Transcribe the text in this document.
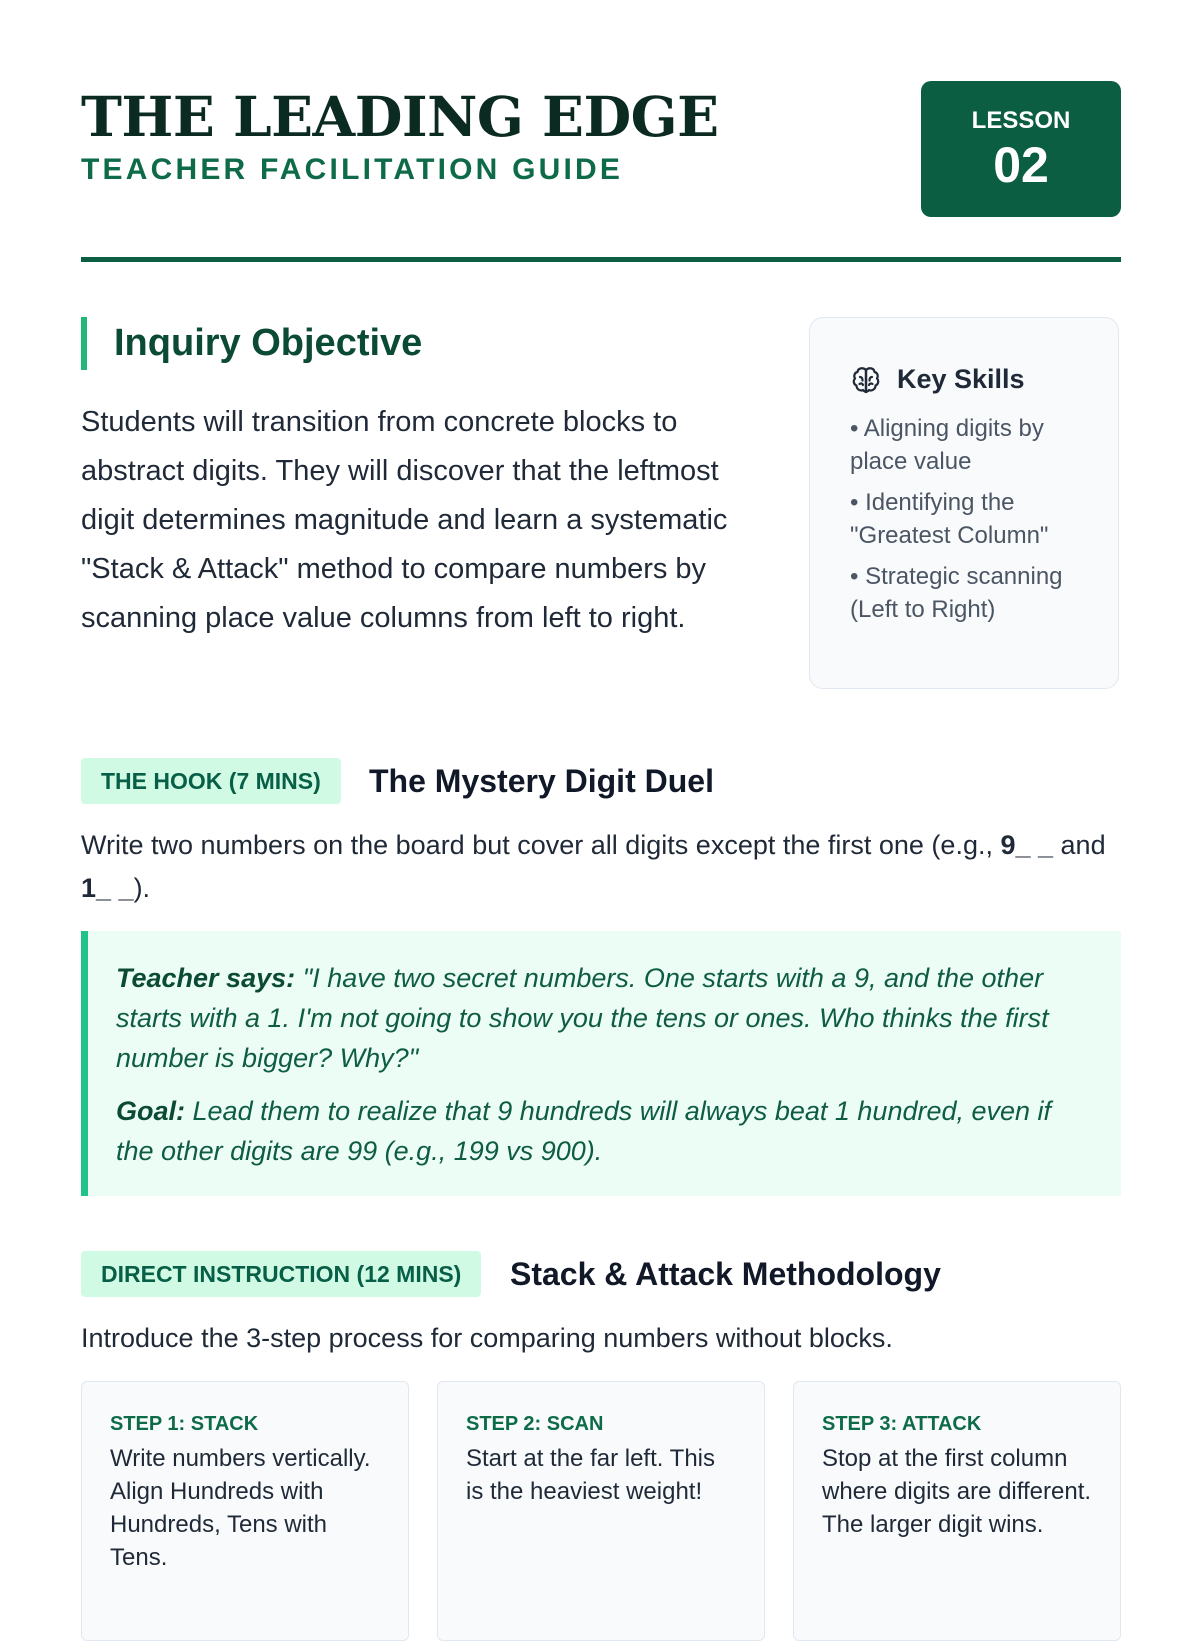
THE LEADING EDGE
TEACHER FACILITATION GUIDE
LESSON
02
Inquiry Objective
Students will transition from concrete blocks to abstract digits. They will discover that the leftmost digit determines magnitude and learn a systematic "Stack & Attack" method to compare numbers by scanning place value columns from left to right.
Key Skills
• Aligning digits by place value
• Identifying the "Greatest Column"
• Strategic scanning (Left to Right)
THE HOOK (7 MINS)	The Mystery Digit Duel
Write two numbers on the board but cover all digits except the first one (e.g., 9_ _ and 1_ _).

Teacher says: "I have two secret numbers. One starts with a 9, and the other starts with a 1. I'm not going to show you the tens or ones. Who thinks the first number is bigger? Why?"

Goal: Lead them to realize that 9 hundreds will always beat 1 hundred, even if the other digits are 99 (e.g., 199 vs 900).

DIRECT INSTRUCTION (12 MINS)	Stack & Attack Methodology
Introduce the 3-step process for comparing numbers without blocks.
STEP 1: STACK
Write numbers vertically. Align Hundreds with Hundreds, Tens with Tens.
STEP 2: SCAN
Start at the far left. This is the heaviest weight!
STEP 3: ATTACK
Stop at the first column where digits are different. The larger digit wins.
